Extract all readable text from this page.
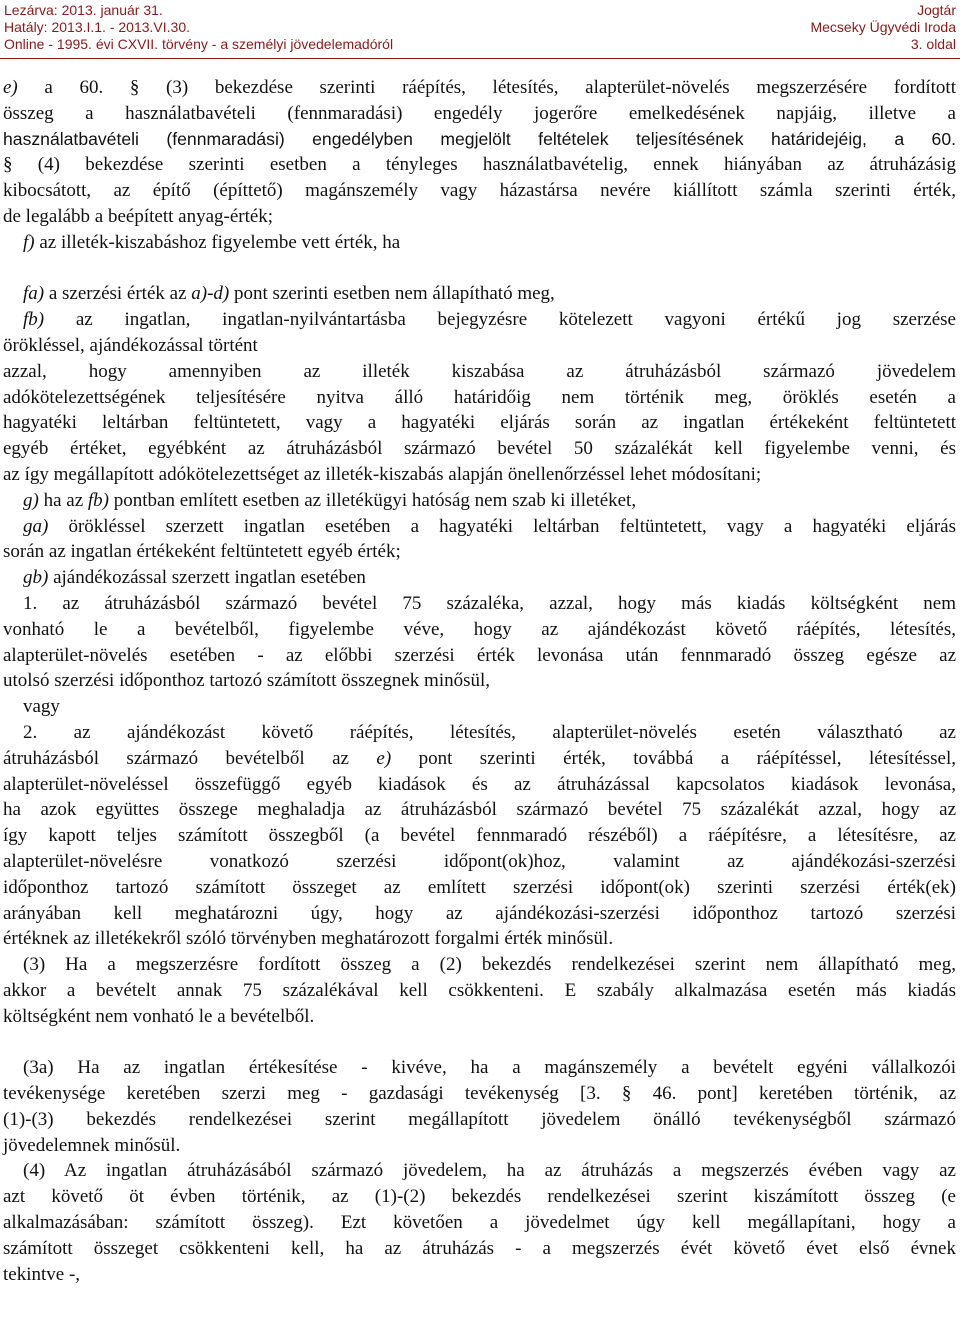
Lezárva: 2013. január 31.
Hatály: 2013.I.1. - 2013.VI.30.
Online - 1995. évi CXVII. törvény - a személyi jövedelemadóról
Jogtár
Mecseky Ügyvédi Iroda
3. oldal

e) a 60. § (3) bekezdése szerinti ráépítés, létesítés, alapterület-növelés megszerzésére fordított
összeg a használatbavételi (fennmaradási) engedély jogerőre emelkedésének napjáig, illetve a
használatbavételi (fennmaradási) engedélyben megjelölt feltételek teljesítésének határidejéig, a 60.
§ (4) bekezdése szerinti esetben a tényleges használatbavételig, ennek hiányában az átruházásig
kibocsátott, az építő (építtető) magánszemély vagy házastársa nevére kiállított számla szerinti érték,
de legalább a beépített anyag-érték;

f) az illeték-kiszabáshoz figyelembe vett érték, ha

fa) a szerzési érték az a)-d) pont szerinti esetben nem állapítható meg,

fb) az ingatlan, ingatlan-nyilvántartásba bejegyzésre kötelezett vagyoni értékű jog szerzése
örökléssel, ajándékozással történt

azzal, hogy amennyiben az illeték kiszabása az átruházásból származó jövedelem
adókötelezettségének teljesítésére nyitva álló határidőig nem történik meg, öröklés esetén a
hagyatéki leltárban feltüntetett, vagy a hagyatéki eljárás során az ingatlan értékeként feltüntetett
egyéb értéket, egyébként az átruházásból származó bevétel 50 százalékát kell figyelembe venni, és
az így megállapított adókötelezettséget az illeték-kiszabás alapján önellenőrzéssel lehet módosítani;

g) ha az fb) pontban említett esetben az illetékügyi hatóság nem szab ki illetéket,

ga) örökléssel szerzett ingatlan esetében a hagyatéki leltárban feltüntetett, vagy a hagyatéki eljárás
során az ingatlan értékeként feltüntetett egyéb érték;

gb) ajándékozással szerzett ingatlan esetében

1. az átruházásból származó bevétel 75 százaléka, azzal, hogy más kiadás költségként nem
vonható le a bevételből, figyelembe véve, hogy az ajándékozást követő ráépítés, létesítés,
alapterület-növelés esetében - az előbbi szerzési érték levonása után fennmaradó összeg egésze az
utolsó szerzési időponthoz tartozó számított összegnek minősül,

vagy

2. az ajándékozást követő ráépítés, létesítés, alapterület-növelés esetén választható az
átruházásból származó bevételből az e) pont szerinti érték, továbbá a ráépítéssel, létesítéssel,
alapterület-növeléssel összefüggő egyéb kiadások és az átruházással kapcsolatos kiadások levonása,
ha azok együttes összege meghaladja az átruházásból származó bevétel 75 százalékát azzal, hogy az
így kapott teljes számított összegből (a bevétel fennmaradó részéből) a ráépítésre, a létesítésre, az
alapterület-növelésre vonatkozó szerzési időpont(ok)hoz, valamint az ajándékozási-szerzési
időponthoz tartozó számított összeget az említett szerzési időpont(ok) szerinti szerzési érték(ek)
arányában kell meghatározni úgy, hogy az ajándékozási-szerzési időponthoz tartozó szerzési
értéknek az illetékekről szóló törvényben meghatározott forgalmi érték minősül.

(3) Ha a megszerzésre fordított összeg a (2) bekezdés rendelkezései szerint nem állapítható meg,
akkor a bevételt annak 75 százalékával kell csökkenteni. E szabály alkalmazása esetén más kiadás
költségként nem vonható le a bevételből.

(3a) Ha az ingatlan értékesítése - kivéve, ha a magánszemély a bevételt egyéni vállalkozói
tevékenysége keretében szerzi meg - gazdasági tevékenység [3. § 46. pont] keretében történik, az
(1)-(3) bekezdés rendelkezései szerint megállapított jövedelem önálló tevékenységből származó
jövedelemnek minősül.

(4) Az ingatlan átruházásából származó jövedelem, ha az átruházás a megszerzés évében vagy az
azt követő öt évben történik, az (1)-(2) bekezdés rendelkezései szerint kiszámított összeg (e
alkalmazásában: számított összeg). Ezt követően a jövedelmet úgy kell megállapítani, hogy a
számított összeget csökkenteni kell, ha az átruházás - a megszerzés évét követő évet első évnek
tekintve -,
